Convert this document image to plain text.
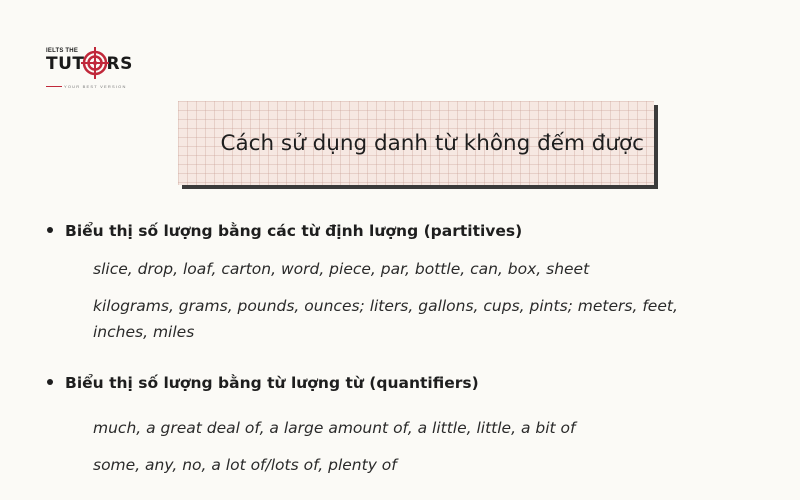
IELTS THE
TUT RS
YOUR BEST VERSION
Cách sử dụng danh từ không đếm được
Biểu thị số lượng bằng các từ định lượng (partitives)
slice, drop, loaf, carton, word, piece, par, bottle, can, box, sheet
kilograms, grams, pounds, ounces; liters, gallons, cups, pints; meters, feet,
inches, miles
Biểu thị số lượng bằng từ lượng từ (quantifiers)
much, a great deal of, a large amount of, a little, little, a bit of
some, any, no, a lot of/lots of, plenty of
